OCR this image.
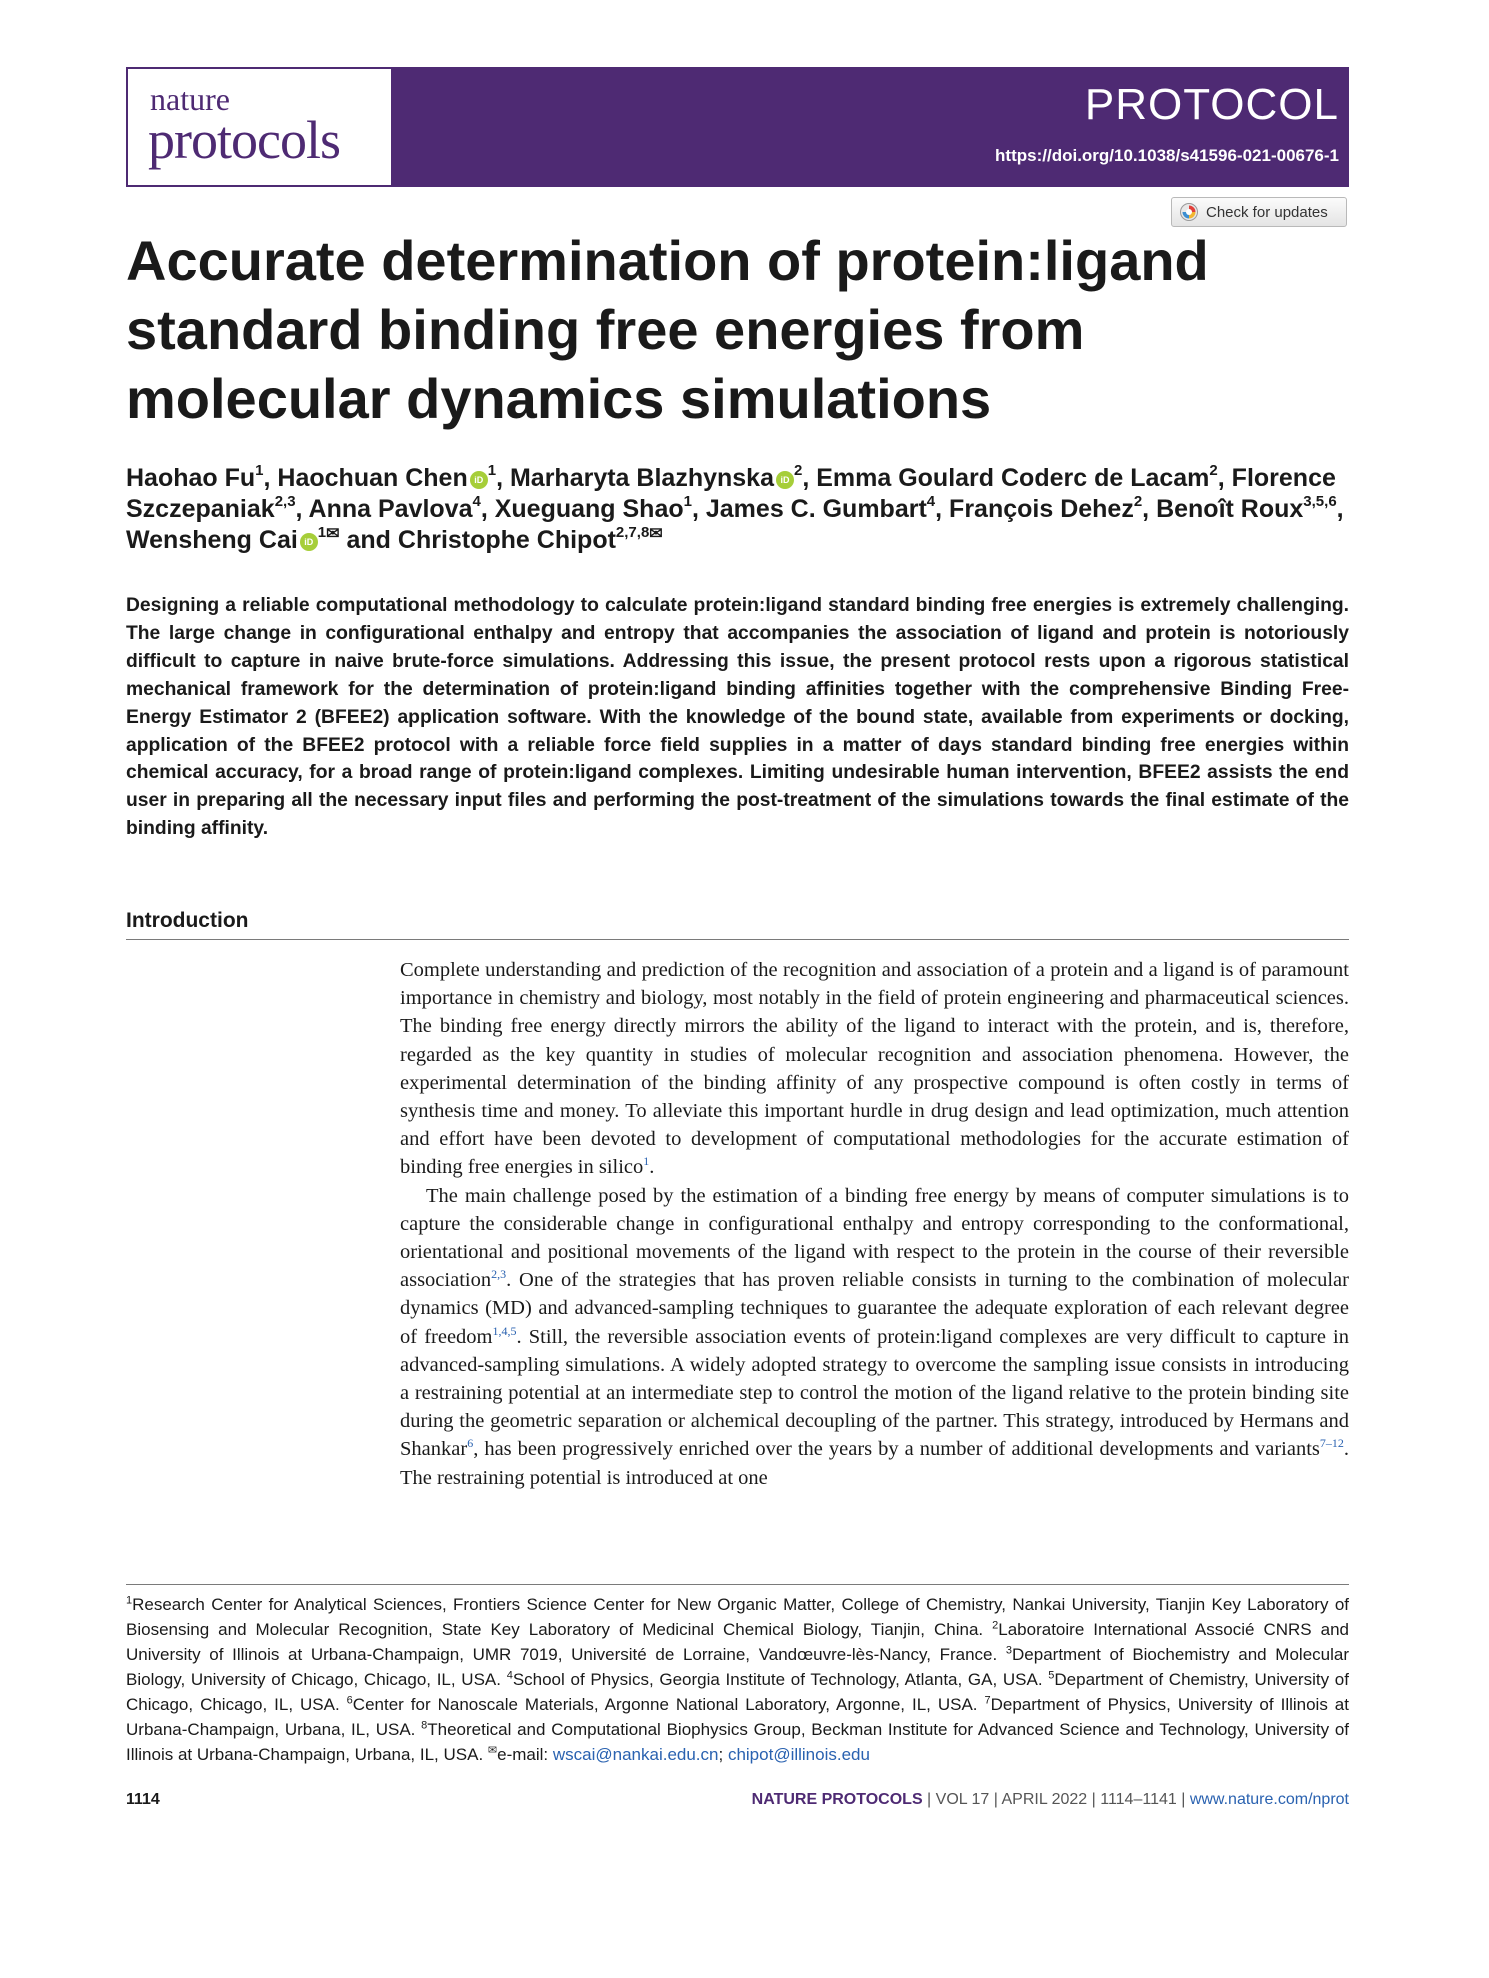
nature
protocols
PROTOCOL
https://doi.org/10.1038/s41596-021-00676-1
Check for updates
Accurate determination of protein:ligand standard binding free energies from molecular dynamics simulations
Haohao Fu$^1$, Haochuan Chen $iD^1$, Marharyta Blazhynska $iD^2$, Emma Goulard Coderc de Lacam$^2$, Florence Szczepaniak$^{2,3}$, Anna Pavlova$^4$, Xueguang Shao$^1$, James C. Gumbart$^4$, François Dehez$^2$, Benoît Roux$^{3,5,6}$, Wensheng Cai $iD^{1✉}$ and Christophe Chipot$^{2,7,8✉}$

Designing a reliable computational methodology to calculate protein:ligand standard binding free energies is extremely challenging. The large change in configurational enthalpy and entropy that accompanies the association of ligand and protein is notoriously difficult to capture in naive brute-force simulations. Addressing this issue, the present protocol rests upon a rigorous statistical mechanical framework for the determination of protein:ligand binding affinities together with the comprehensive Binding Free-Energy Estimator 2 (BFEE2) application software. With the knowledge of the bound state, available from experiments or docking, application of the BFEE2 protocol with a reliable force field supplies in a matter of days standard binding free energies within chemical accuracy, for a broad range of protein:ligand complexes. Limiting undesirable human intervention, BFEE2 assists the end user in preparing all the necessary input files and performing the post-treatment of the simulations towards the final estimate of the binding affinity.

Introduction

Complete understanding and prediction of the recognition and association of a protein and a ligand is of paramount importance in chemistry and biology, most notably in the field of protein engineering and pharmaceutical sciences. The binding free energy directly mirrors the ability of the ligand to interact with the protein, and is, therefore, regarded as the key quantity in studies of molecular recognition and association phenomena. However, the experimental determination of the binding affinity of any prospective compound is often costly in terms of synthesis time and money. To alleviate this important hurdle in drug design and lead optimization, much attention and effort have been devoted to development of computational methodologies for the accurate estimation of binding free energies in silico$^1$.

The main challenge posed by the estimation of a binding free energy by means of computer simulations is to capture the considerable change in configurational enthalpy and entropy corresponding to the conformational, orientational and positional movements of the ligand with respect to the protein in the course of their reversible association$^{2,3}$. One of the strategies that has proven reliable consists in turning to the combination of molecular dynamics (MD) and advanced-sampling techniques to guarantee the adequate exploration of each relevant degree of freedom$^{1,4,5}$. Still, the reversible association events of protein:ligand complexes are very difficult to capture in advanced-sampling simulations. A widely adopted strategy to overcome the sampling issue consists in introducing a restraining potential at an intermediate step to control the motion of the ligand relative to the protein binding site during the geometric separation or alchemical decoupling of the partner. This strategy, introduced by Hermans and Shankar$^6$, has been progressively enriched over the years by a number of additional developments and variants$^{7-12}$. The restraining potential is introduced at one

$^1$Research Center for Analytical Sciences, Frontiers Science Center for New Organic Matter, College of Chemistry, Nankai University, Tianjin Key Laboratory of Biosensing and Molecular Recognition, State Key Laboratory of Medicinal Chemical Biology, Tianjin, China. $^2$Laboratoire International Associé CNRS and University of Illinois at Urbana-Champaign, UMR 7019, Université de Lorraine, Vandœuvre-lès-Nancy, France. $^3$Department of Biochemistry and Molecular Biology, University of Chicago, Chicago, IL, USA. $^4$School of Physics, Georgia Institute of Technology, Atlanta, GA, USA. $^5$Department of Chemistry, University of Chicago, Chicago, IL, USA. $^6$Center for Nanoscale Materials, Argonne National Laboratory, Argonne, IL, USA. $^7$Department of Physics, University of Illinois at Urbana-Champaign, Urbana, IL, USA. $^8$Theoretical and Computational Biophysics Group, Beckman Institute for Advanced Science and Technology, University of Illinois at Urbana-Champaign, Urbana, IL, USA. ✉e-mail: wscai@nankai.edu.cn; chipot@illinois.edu

1114	NATURE PROTOCOLS | VOL 17 | APRIL 2022 | 1114–1141 | www.nature.com/nprot
